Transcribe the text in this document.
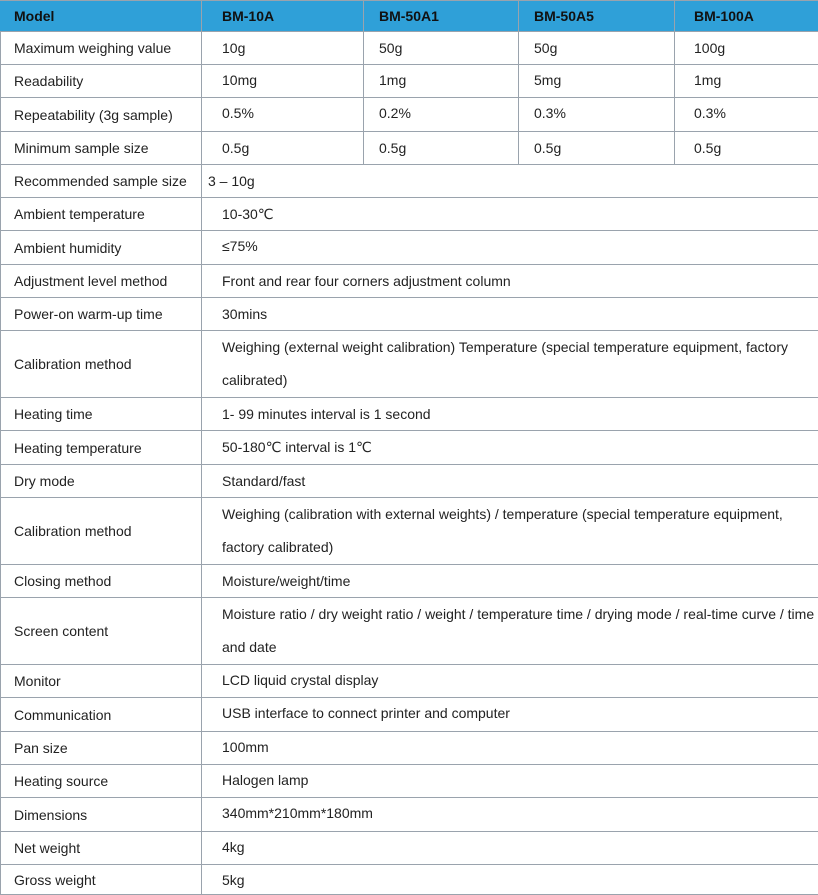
Model	BM-10A	BM-50A1	BM-50A5	BM-100A
Maximum weighing value	10g	50g	50g	100g
Readability	10mg	1mg	5mg	1mg
Repeatability (3g sample)	0.5%	0.2%	0.3%	0.3%
Minimum sample size	0.5g	0.5g	0.5g	0.5g
Recommended sample size	3 – 10g			
Ambient temperature	10-30℃			
Ambient humidity	≤75%			
Adjustment level method	Front and rear four corners adjustment column			
Power-on warm-up time	30mins			
Calibration method	Weighing (external weight calibration) Temperature (special temperature equipment, factory calibrated)			
Heating time	1- 99 minutes interval is 1 second			
Heating temperature	50-180℃ interval is 1℃			
Dry mode	Standard/fast			
Calibration method	Weighing (calibration with external weights) / temperature (special temperature equipment, factory calibrated)			
Closing method	Moisture/weight/time			
Screen content	Moisture ratio / dry weight ratio / weight / temperature time / drying mode / real-time curve / time and date			
Monitor	LCD liquid crystal display			
Communication	USB interface to connect printer and computer			
Pan size	100mm			
Heating source	Halogen lamp			
Dimensions	340mm*210mm*180mm			
Net weight	4kg			
Gross weight	5kg			
